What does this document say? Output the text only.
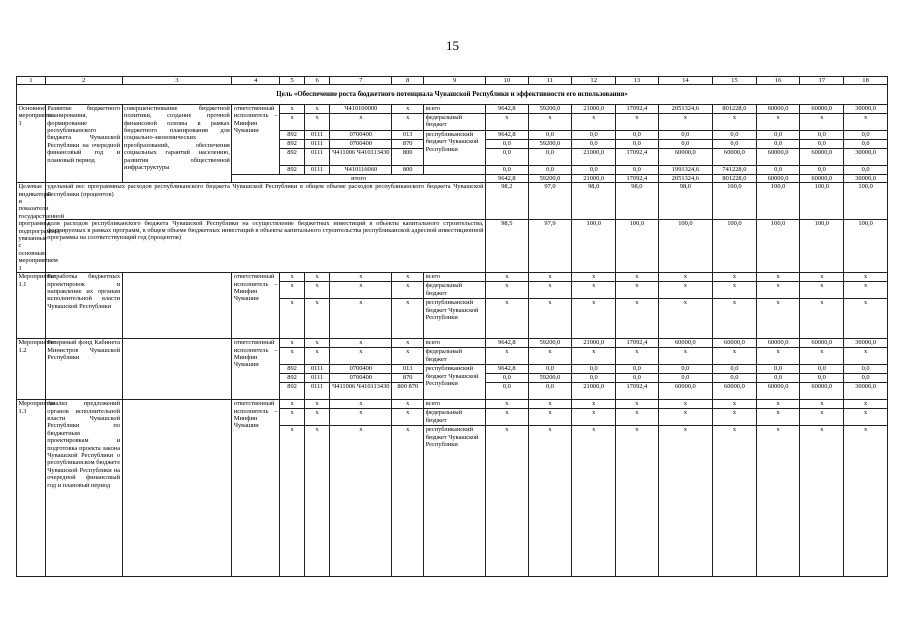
15
1	2	3	4	5	6	7	8	9	10	11	12	13	14	15	16	17	18
Цель «Обеспечение роста бюджетного потенциала Чувашской Республики и эффективности его использования»																	
Основное мероприятие 1	Развитие бюджетного планирования, формирование республиканского бюджета Чувашской Республики на очередной финансовый год и плановый период	совершенствование бюджетной политики, создание прочной финансовой основы в рамках бюджетного планирования для социально-экономических преобразований, обеспечения социальных гарантий населению, развития общественной инфраструктуры	ответственный исполнитель – Минфин Чувашии	x	x	Ч410100000	x	всего	9642,8	59200,0	21000,0	17092,4	2051324,6	801228,0	60000,0	60000,0	30000,0
				x	x	x	x	федеральный бюджет	x	x	x	x	x	x	x	x	x
				892	0111	0700400	013	республиканский бюджет Чувашской Республики	9642,8	0,0	0,0	0,0	0,0	0,0	0,0	0,0	0,0
				892	0111	0700400	870		0,0	59200,0	0,0	0,0	0,0	0,0	0,0	0,0	0,0
				892	0111	Ч411006 Ч410113430	800		0,0	0,0	21000,0	17092,4	60000,0	60000,0	60000,0	60000,0	30000,0
				892	0111	Ч410116060	800		0,0	0,0	0,0	0,0	1991324,6	741228,0	0,0	0,0	0,0
			итого						9642,8	59200,0	21000,0	17092,4	2051324,6	801228,0	60000,0	60000,0	30000,0
Целевые индикаторы и показатели государственной программы, подпрограммы, увязанные с основным мероприятием 1	удельный вес программных расходов республиканского бюджета Чувашской Республики в общем объеме расходов республиканского бюджета Чувашской Республики (процентов)								98,2	97,0	98,0	98,0	98,0	100,0	100,0	100,0	100,0
	доля расходов республиканского бюджета Чувашской Республики на осуществление бюджетных инвестиций в объекты капитального строительства, формируемых в рамках программ, в общем объеме бюджетных инвестиций в объекты капитального строительства республиканской адресной инвестиционной программы на соответствующий год (процентов)								98,5	97,9	100,0	100,0	100,0	100,0	100,0	100,0	100,0
Мероприятие 1.1	Разработка бюджетных проектировок и направление их органам исполнительной власти Чувашской Республики		ответственный исполнитель – Минфин Чувашии	x	x	x	x	всего	x	x	x	x	x	x	x	x	x
				x	x	x	x	федеральный бюджет	x	x	x	x	x	x	x	x	x
				x	x	x	x	республиканский бюджет Чувашской Республики	x	x	x	x	x	x	x	x	x
Мероприятие 1.2	Резервный фонд Кабинета Министров Чувашской Республики		ответственный исполнитель – Минфин Чувашии	x	x	x	x	всего	9642,8	59200,0	21000,0	17092,4	60000,0	60000,0	60000,0	60000,0	30000,0
				x	x	x	x	федеральный бюджет	x	x	x	x	x	x	x	x	x
				892	0111	0700400	013	республиканский бюджет Чувашской Республики	9642,8	0,0	0,0	0,0	0,0	0,0	0,0	0,0	0,0
				892	0111	0700400	870		0,0	59200,0	0,0	0,0	0,0	0,0	0,0	0,0	0,0
				892	0111	Ч411006 Ч410113430	800 870		0,0	0,0	21000,0	17092,4	60000,0	60000,0	60000,0	60000,0	30000,0
Мероприятие 1.3	Анализ предложений органов исполнительной власти Чувашской Республики по бюджетным проектировкам и подготовка проекта закона Чувашской Республики о республиканском бюджете Чувашской Республики на очередной финансовый год и плановый период		ответственный исполнитель – Минфин Чувашии	x	x	x	x	всего	x	x	x	x	x	x	x	x	x
				x	x	x	x	федеральный бюджет	x	x	x	x	x	x	x	x	x
				x	x	x	x	республиканский бюджет Чувашской Республики	x	x	x	x	x	x	x	x	x
